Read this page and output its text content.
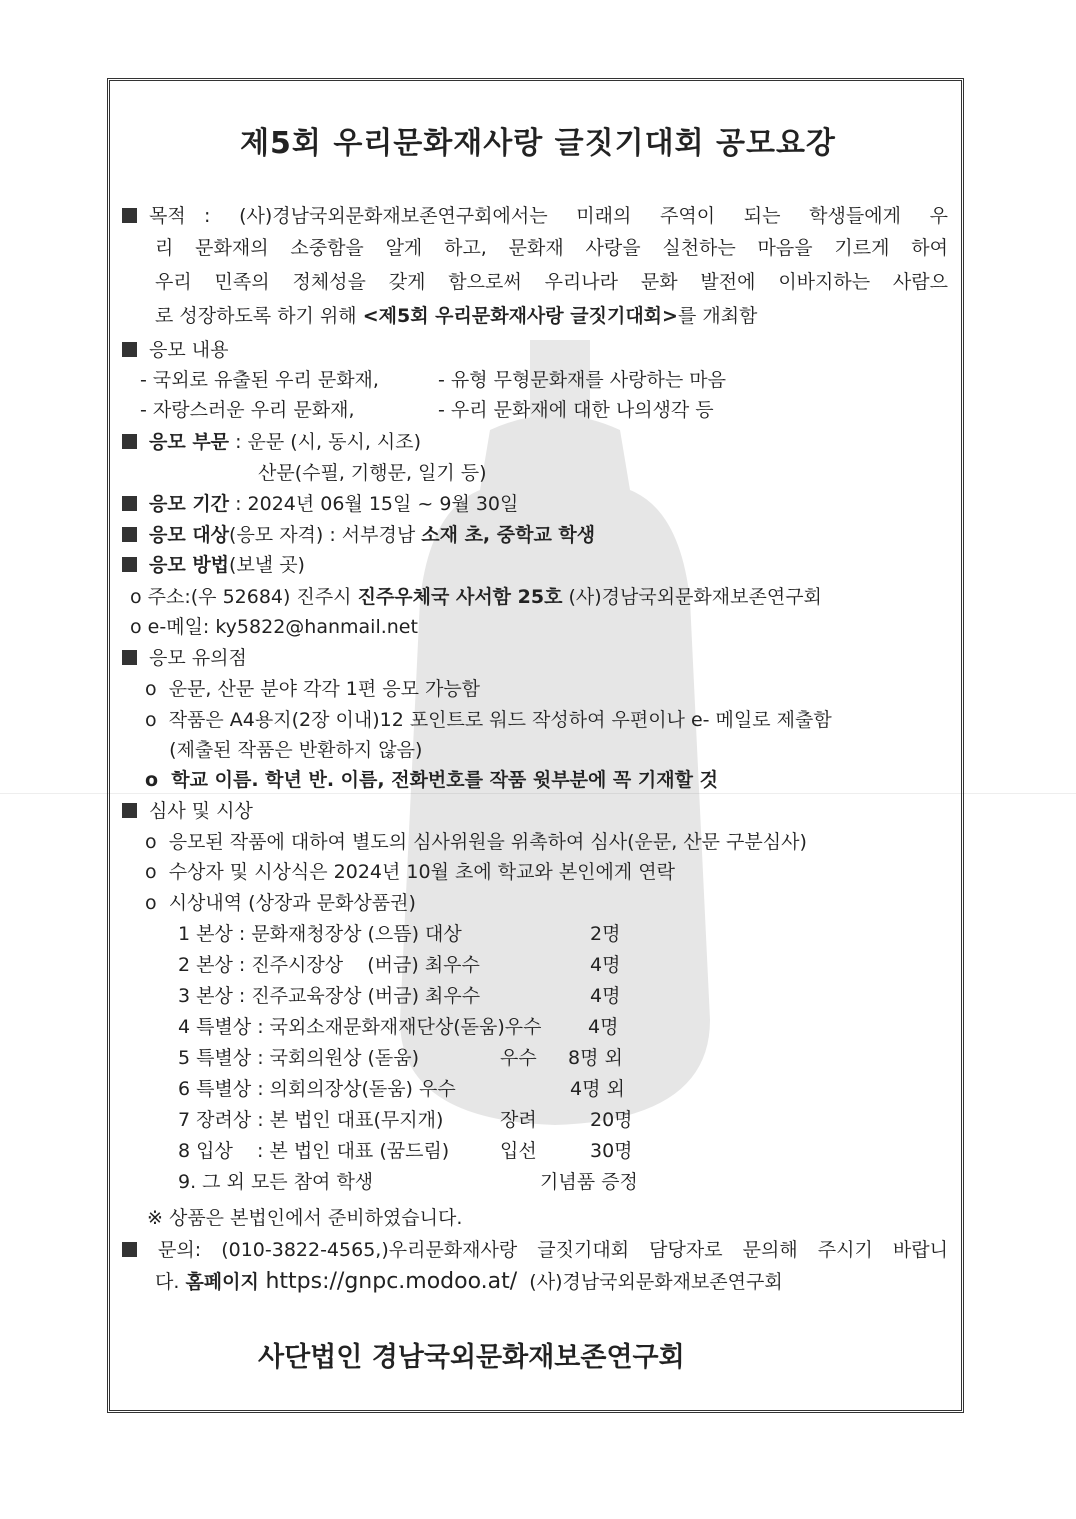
제5회 우리문화재사랑 글짓기대회 공모요강
목적 : (사)경남국외문화재보존연구회에서는 미래의 주역이 되는 학생들에게 우
리 문화재의 소중함을 알게 하고, 문화재 사랑을 실천하는 마음을 기르게 하여
우리 민족의 정체성을 갖게 함으로써 우리나라 문화 발전에 이바지하는 사람으
로 성장하도록 하기 위해 <제5회 우리문화재사랑 글짓기대회>를 개최함
응모 내용
- 국외로 유출된 우리 문화재,	- 유형 무형문화재를 사랑하는 마음
- 자랑스러운 우리 문화재,	- 우리 문화재에 대한 나의생각 등
응모 부문 : 운문 (시, 동시, 시조)
산문(수필, 기행문, 일기 등)
응모 기간 : 2024년 06월 15일 ~ 9월 30일
응모 대상(응모 자격) : 서부경남 소재 초, 중학교 학생
응모 방법(보낼 곳)
o 주소:(우 52684) 진주시 진주우체국 사서함 25호 (사)경남국외문화재보존연구회
o e-메일: ky5822@hanmail.net
응모 유의점
o  운문, 산문 분야 각각 1편 응모 가능함
o  작품은 A4용지(2장 이내)12 포인트로 워드 작성하여 우편이나 e- 메일로 제출함
(제출된 작품은 반환하지 않음)
o  학교 이름. 학년 반. 이름, 전화번호를 작품 윗부분에 꼭 기재할 것
심사 및 시상
o  응모된 작품에 대하여 별도의 심사위원을 위촉하여 심사(운문, 산문 구분심사)
o  수상자 및 시상식은 2024년 10월 초에 학교와 본인에게 연락
o  시상내역 (상장과 문화상품권)
1 본상 : 문화재청장상 (으뜸) 대상	2명
2 본상 : 진주시장상    (버금) 최우수	4명
3 본상 : 진주교육장상 (버금) 최우수	4명
4 특별상 : 국외소재문화재재단상(돋움)우수 4명
5 특별상 : 국회의원상 (돋움)	우수 8명 외
6 특별상 : 의회의장상(돋움) 우수	4명 외
7 장려상 : 본 법인 대표(무지개)	장려	20명
8 입상    : 본 법인 대표 (꿈드림)	입선	30명
9. 그 외 모든 참여 학생	기념품 증정
※ 상품은 본법인에서 준비하였습니다.
문의: (010-3822-4565,)우리문화재사랑 글짓기대회 담당자로 문의해 주시기 바랍니
다. 홈페이지 https://gnpc.modoo.at/ (사)경남국외문화재보존연구회
사단법인 경남국외문화재보존연구회
